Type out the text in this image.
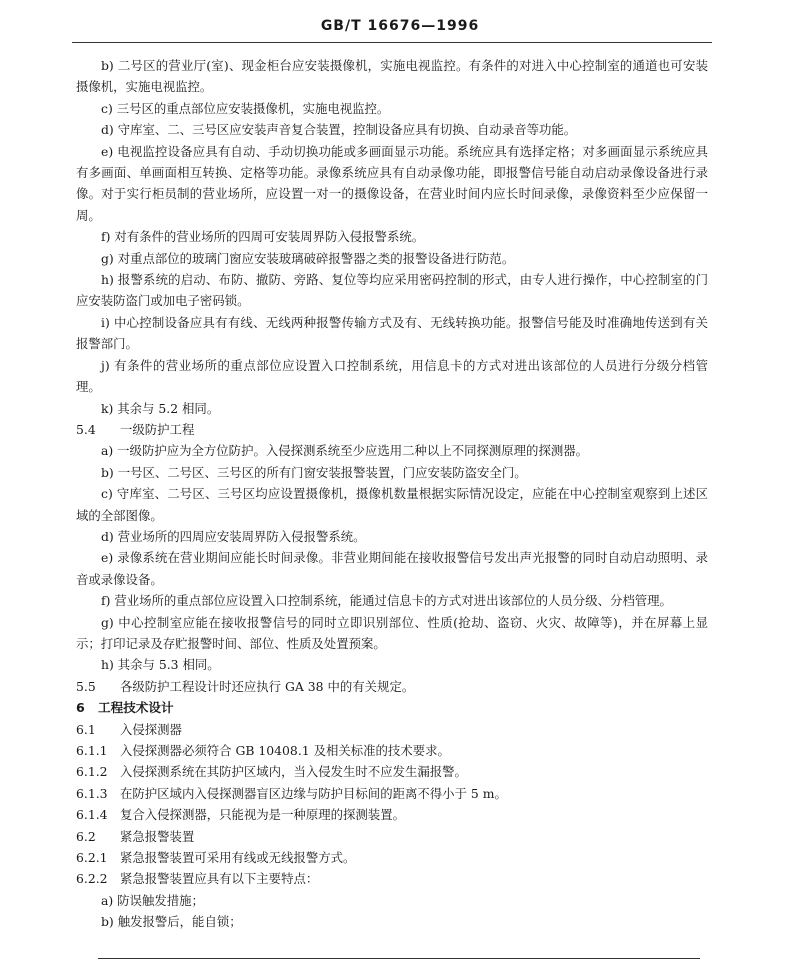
GB/T 16676—1996

b) 二号区的营业厅(室)、现金柜台应安装摄像机，实施电视监控。有条件的对进入中心控制室的通道也可安装摄像机，实施电视监控。

c) 三号区的重点部位应安装摄像机，实施电视监控。

d) 守库室、二、三号区应安装声音复合装置，控制设备应具有切换、自动录音等功能。

e) 电视监控设备应具有自动、手动切换功能或多画面显示功能。系统应具有选择定格；对多画面显示系统应具有多画面、单画面相互转换、定格等功能。录像系统应具有自动录像功能，即报警信号能自动启动录像设备进行录像。对于实行柜员制的营业场所，应设置一对一的摄像设备，在营业时间内应长时间录像，录像资料至少应保留一周。

f) 对有条件的营业场所的四周可安装周界防入侵报警系统。

g) 对重点部位的玻璃门窗应安装玻璃破碎报警器之类的报警设备进行防范。

h) 报警系统的启动、布防、撤防、旁路、复位等均应采用密码控制的形式，由专人进行操作，中心控制室的门应安装防盗门或加电子密码锁。

i) 中心控制设备应具有有线、无线两种报警传输方式及有、无线转换功能。报警信号能及时准确地传送到有关报警部门。

j) 有条件的营业场所的重点部位应设置入口控制系统，用信息卡的方式对进出该部位的人员进行分级分档管理。

k) 其余与 5.2 相同。

5.4 一级防护工程

a) 一级防护应为全方位防护。入侵探测系统至少应选用二种以上不同探测原理的探测器。

b) 一号区、二号区、三号区的所有门窗安装报警装置，门应安装防盗安全门。

c) 守库室、二号区、三号区均应设置摄像机，摄像机数量根据实际情况设定，应能在中心控制室观察到上述区域的全部图像。

d) 营业场所的四周应安装周界防入侵报警系统。

e) 录像系统在营业期间应能长时间录像。非营业期间能在接收报警信号发出声光报警的同时自动启动照明、录音或录像设备。

f) 营业场所的重点部位应设置入口控制系统，能通过信息卡的方式对进出该部位的人员分级、分档管理。

g) 中心控制室应能在接收报警信号的同时立即识别部位、性质(抢劫、盗窃、火灾、故障等)，并在屏幕上显示；打印记录及存贮报警时间、部位、性质及处置预案。

h) 其余与 5.3 相同。

5.5 各级防护工程设计时还应执行 GA 38 中的有关规定。

6 工程技术设计

6.1 入侵探测器

6.1.1 入侵探测器必须符合 GB 10408.1 及相关标准的技术要求。

6.1.2 入侵探测系统在其防护区域内，当入侵发生时不应发生漏报警。

6.1.3 在防护区域内入侵探测器盲区边缘与防护目标间的距离不得小于 5 m。

6.1.4 复合入侵探测器，只能视为是一种原理的探测装置。

6.2 紧急报警装置

6.2.1 紧急报警装置可采用有线或无线报警方式。

6.2.2 紧急报警装置应具有以下主要特点：

a) 防误触发措施；

b) 触发报警后，能自锁；
